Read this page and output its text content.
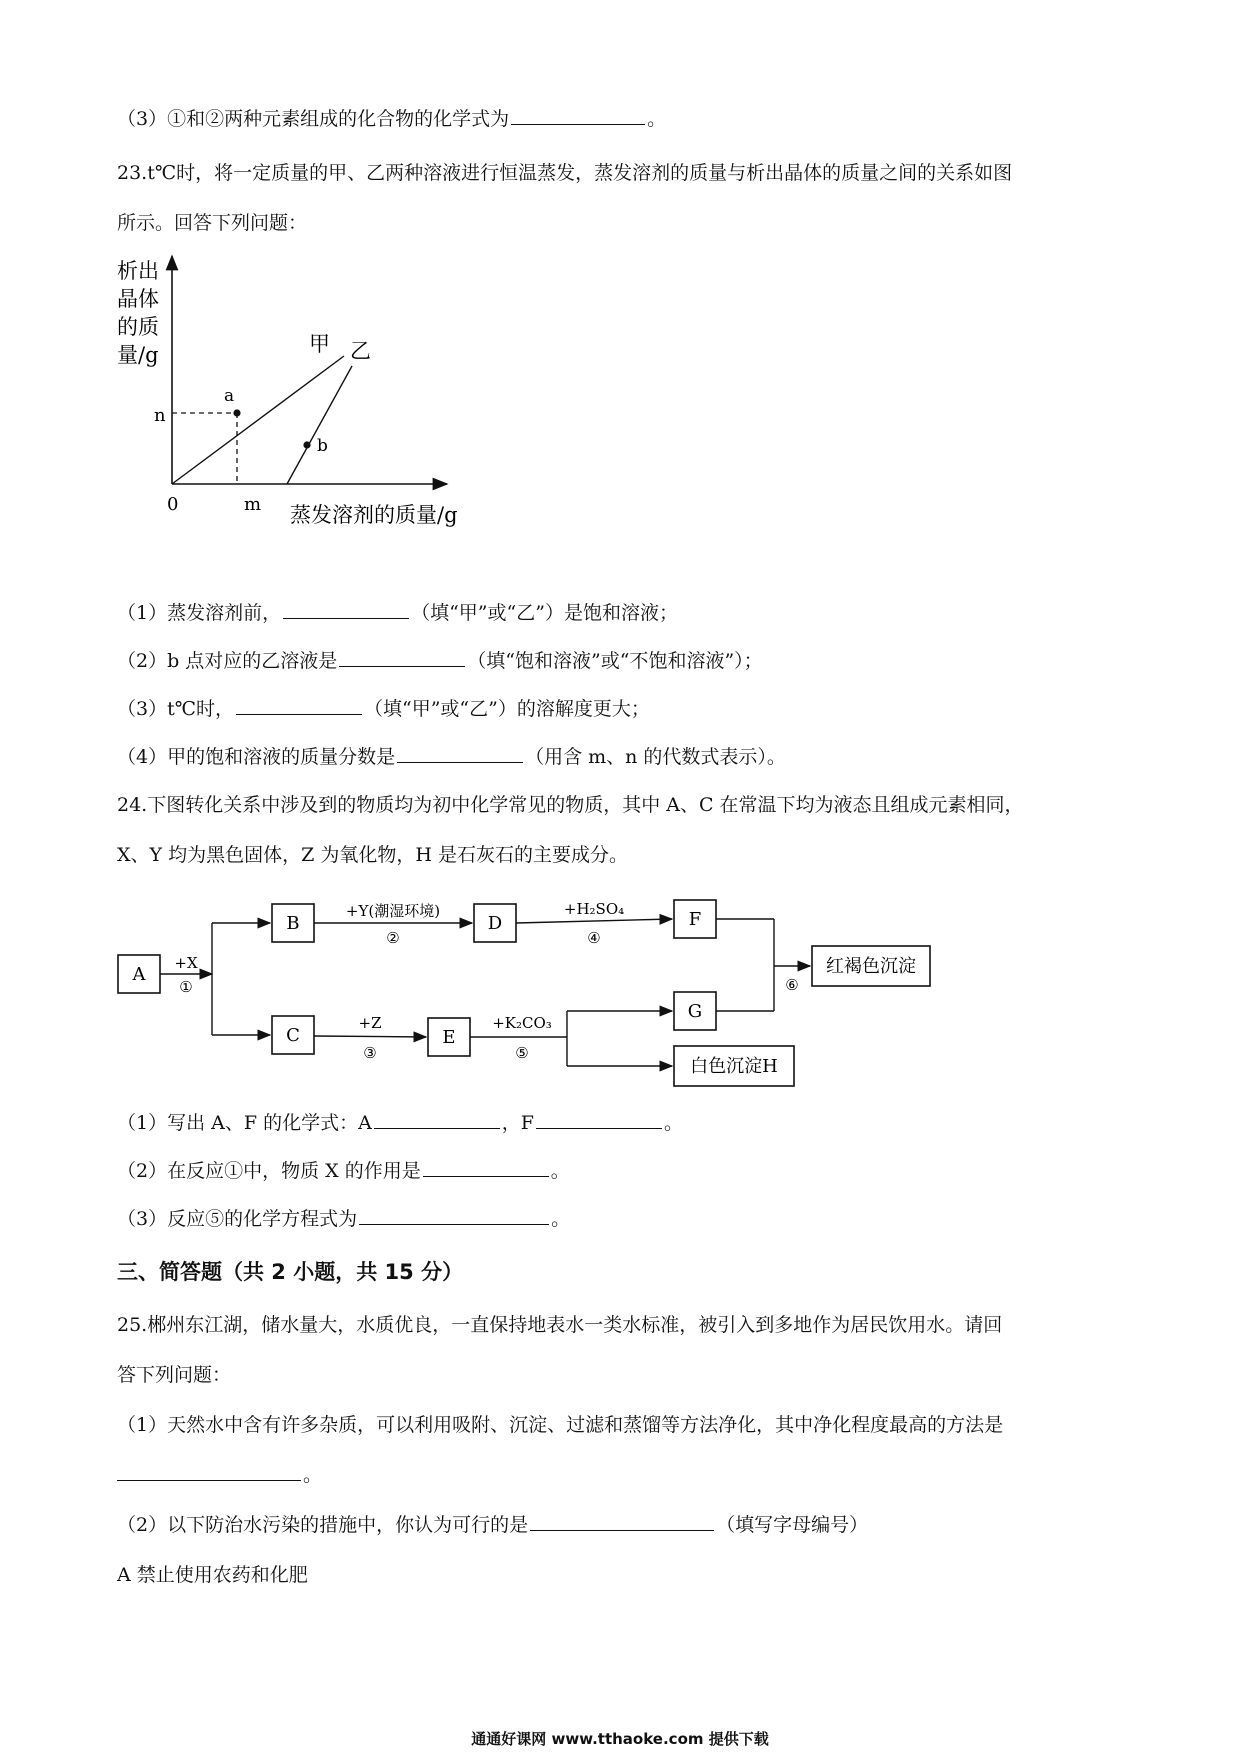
（3）①和②两种元素组成的化合物的化学式为	。
23.t℃时，将一定质量的甲、乙两种溶液进行恒温蒸发，蒸发溶剂的质量与析出晶体的质量之间的关系如图
所示。回答下列问题：
析出
晶体
的质
量/g
0	m
n
蒸发溶剂的质量/g
甲
a
乙
b
（1）蒸发溶剂前，	（填“甲”或“乙”）是饱和溶液；
（2）b 点对应的乙溶液是	（填“饱和溶液”或“不饱和溶液”）；
（3）t℃时，	（填“甲”或“乙”）的溶解度更大；
（4）甲的饱和溶液的质量分数是	（用含 m、n 的代数式表示）。
24.下图转化关系中涉及到的物质均为初中化学常见的物质，其中 A、C 在常温下均为液态且组成元素相同，
X、Y 均为黑色固体，Z 为氧化物，H 是石灰石的主要成分。
A
B
C
D
E
F
G
红褐色沉淀
白色沉淀H
+X
①
+Y(潮湿环境)
②
+H₂SO₄
④
+Z
③
+K₂CO₃
⑤
⑥
（1）写出 A、F 的化学式：A	，F	。
（2）在反应①中，物质 X 的作用是	。
（3）反应⑤的化学方程式为	。
三、简答题（共 2 小题，共 15 分）
25.郴州东江湖，储水量大，水质优良，一直保持地表水一类水标准，被引入到多地作为居民饮用水。请回
答下列问题：
（1）天然水中含有许多杂质，可以利用吸附、沉淀、过滤和蒸馏等方法净化，其中净化程度最高的方法是
。
（2）以下防治水污染的措施中，你认为可行的是	（填写字母编号）
A 禁止使用农药和化肥
通通好课网 www.tthaoke.com 提供下载
